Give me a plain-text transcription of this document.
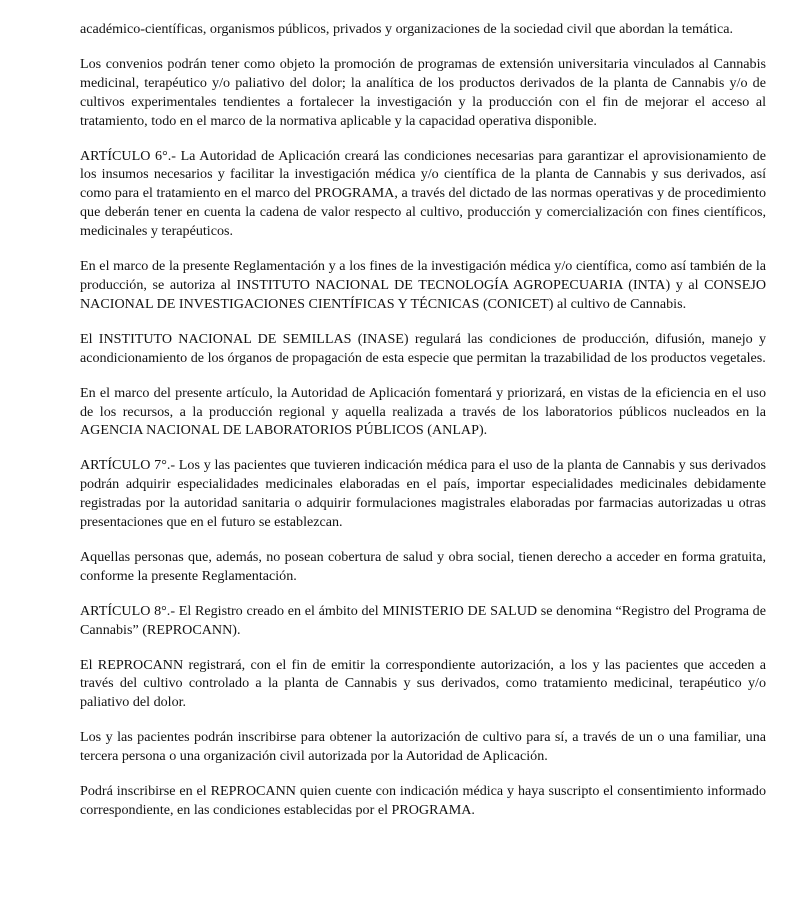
académico-científicas, organismos públicos, privados y organizaciones de la sociedad civil que abordan la temática.

Los convenios podrán tener como objeto la promoción de programas de extensión universitaria vinculados al Cannabis medicinal, terapéutico y/o paliativo del dolor; la analítica de los productos derivados de la planta de Cannabis y/o de cultivos experimentales tendientes a fortalecer la investigación y la producción con el fin de mejorar el acceso al tratamiento, todo en el marco de la normativa aplicable y la capacidad operativa disponible.

ARTÍCULO 6°.- La Autoridad de Aplicación creará las condiciones necesarias para garantizar el aprovisionamiento de los insumos necesarios y facilitar la investigación médica y/o científica de la planta de Cannabis y sus derivados, así como para el tratamiento en el marco del PROGRAMA, a través del dictado de las normas operativas y de procedimiento que deberán tener en cuenta la cadena de valor respecto al cultivo, producción y comercialización con fines científicos, medicinales y terapéuticos.

En el marco de la presente Reglamentación y a los fines de la investigación médica y/o científica, como así también de la producción, se autoriza al INSTITUTO NACIONAL DE TECNOLOGÍA AGROPECUARIA (INTA) y al CONSEJO NACIONAL DE INVESTIGACIONES CIENTÍFICAS Y TÉCNICAS (CONICET) al cultivo de Cannabis.

El INSTITUTO NACIONAL DE SEMILLAS (INASE) regulará las condiciones de producción, difusión, manejo y acondicionamiento de los órganos de propagación de esta especie que permitan la trazabilidad de los productos vegetales.

En el marco del presente artículo, la Autoridad de Aplicación fomentará y priorizará, en vistas de la eficiencia en el uso de los recursos, a la producción regional y aquella realizada a través de los laboratorios públicos nucleados en la AGENCIA NACIONAL DE LABORATORIOS PÚBLICOS (ANLAP).

ARTÍCULO 7°.- Los y las pacientes que tuvieren indicación médica para el uso de la planta de Cannabis y sus derivados podrán adquirir especialidades medicinales elaboradas en el país, importar especialidades medicinales debidamente registradas por la autoridad sanitaria o adquirir formulaciones magistrales elaboradas por farmacias autorizadas u otras presentaciones que en el futuro se establezcan.

Aquellas personas que, además, no posean cobertura de salud y obra social, tienen derecho a acceder en forma gratuita, conforme la presente Reglamentación.

ARTÍCULO 8°.- El Registro creado en el ámbito del MINISTERIO DE SALUD se denomina “Registro del Programa de Cannabis” (REPROCANN).

El REPROCANN registrará, con el fin de emitir la correspondiente autorización, a los y las pacientes que acceden a través del cultivo controlado a la planta de Cannabis y sus derivados, como tratamiento medicinal, terapéutico y/o paliativo del dolor.

Los y las pacientes podrán inscribirse para obtener la autorización de cultivo para sí, a través de un o una familiar, una tercera persona o una organización civil autorizada por la Autoridad de Aplicación.

Podrá inscribirse en el REPROCANN quien cuente con indicación médica y haya suscripto el consentimiento informado correspondiente, en las condiciones establecidas por el PROGRAMA.
